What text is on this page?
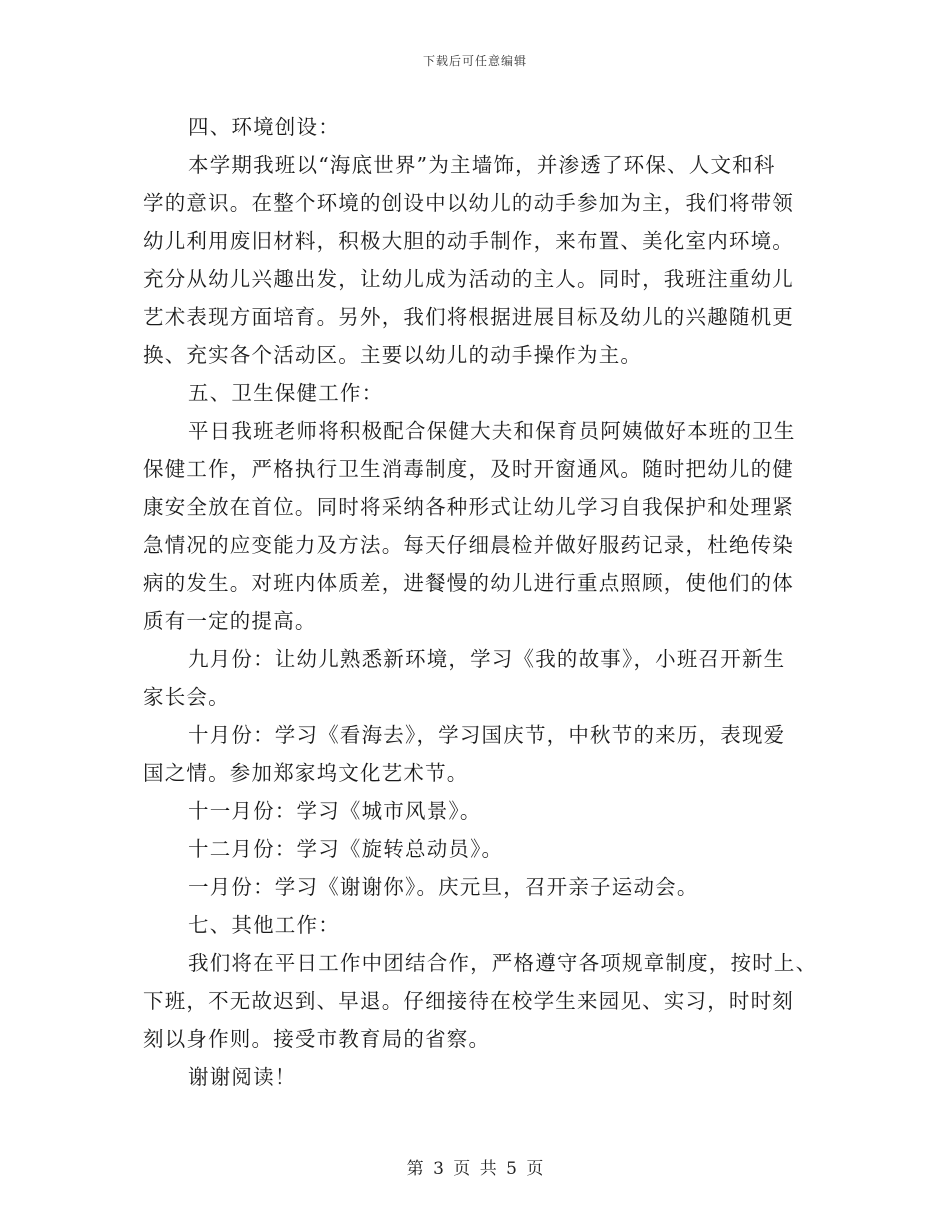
下载后可任意编辑
四、环境创设：
本学期我班以“海底世界”为主墙饰，并渗透了环保、人文和科
学的意识。在整个环境的创设中以幼儿的动手参加为主，我们将带领
幼儿利用废旧材料，积极大胆的动手制作，来布置、美化室内环境。
充分从幼儿兴趣出发，让幼儿成为活动的主人。同时，我班注重幼儿
艺术表现方面培育。另外，我们将根据进展目标及幼儿的兴趣随机更
换、充实各个活动区。主要以幼儿的动手操作为主。
五、卫生保健工作：
平日我班老师将积极配合保健大夫和保育员阿姨做好本班的卫生
保健工作，严格执行卫生消毒制度，及时开窗通风。随时把幼儿的健
康安全放在首位。同时将采纳各种形式让幼儿学习自我保护和处理紧
急情况的应变能力及方法。每天仔细晨检并做好服药记录，杜绝传染
病的发生。对班内体质差，进餐慢的幼儿进行重点照顾，使他们的体
质有一定的提高。
九月份：让幼儿熟悉新环境，学习《我的故事》，小班召开新生
家长会。
十月份：学习《看海去》，学习国庆节，中秋节的来历，表现爱
国之情。参加郑家坞文化艺术节。
十一月份：学习《城市风景》。
十二月份：学习《旋转总动员》。
一月份：学习《谢谢你》。庆元旦，召开亲子运动会。
七、其他工作：
我们将在平日工作中团结合作，严格遵守各项规章制度，按时上、
下班，不无故迟到、早退。仔细接待在校学生来园见、实习，时时刻
刻以身作则。接受市教育局的省察。
谢谢阅读！
第 3 页 共 5 页
